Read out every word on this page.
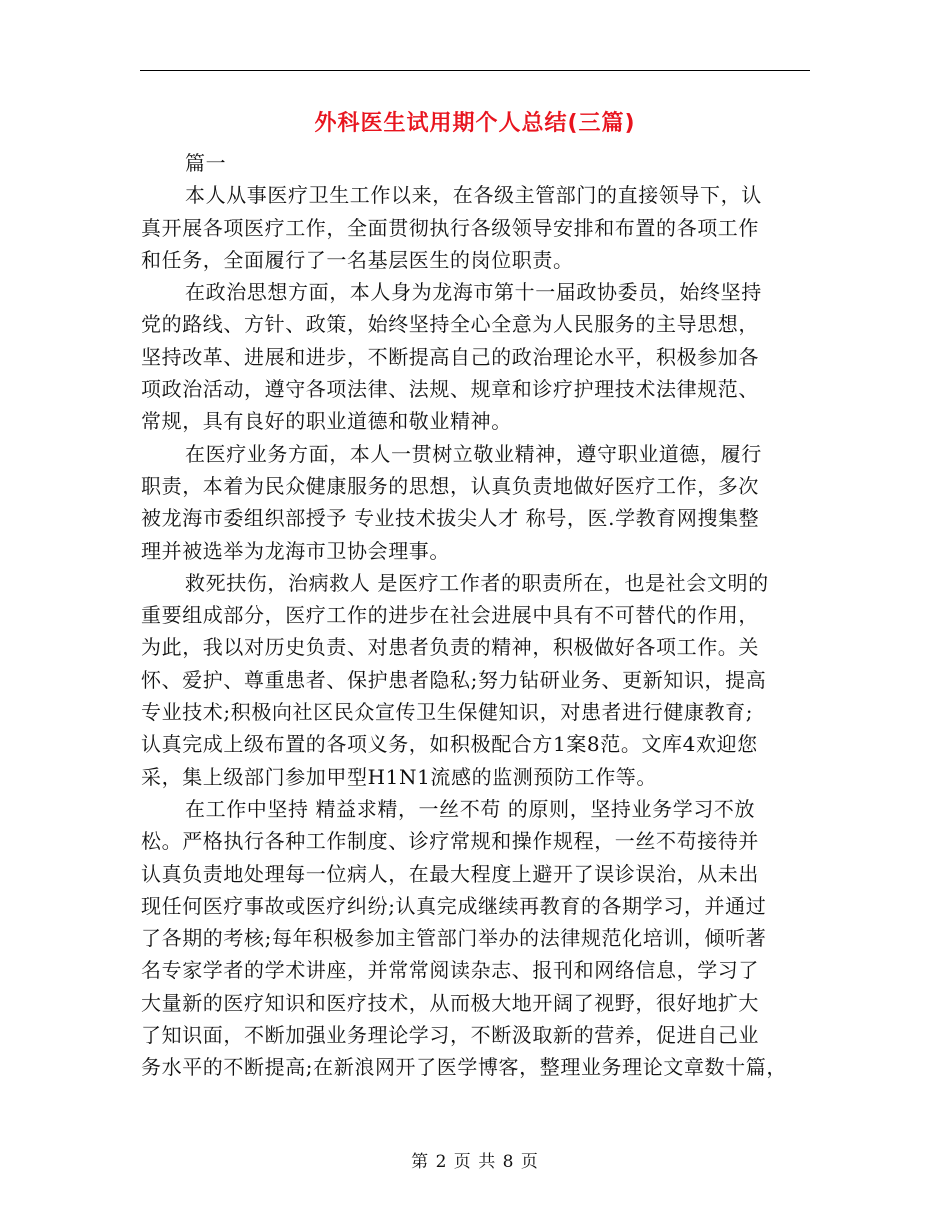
外科医生试用期个人总结(三篇)
篇一
本人从事医疗卫生工作以来，在各级主管部门的直接领导下，认
真开展各项医疗工作，全面贯彻执行各级领导安排和布置的各项工作
和任务，全面履行了一名基层医生的岗位职责。
在政治思想方面，本人身为龙海市第十一届政协委员，始终坚持
党的路线、方针、政策，始终坚持全心全意为人民服务的主导思想，
坚持改革、进展和进步，不断提高自己的政治理论水平，积极参加各
项政治活动，遵守各项法律、法规、规章和诊疗护理技术法律规范、
常规，具有良好的职业道德和敬业精神。
在医疗业务方面，本人一贯树立敬业精神，遵守职业道德，履行
职责，本着为民众健康服务的思想，认真负责地做好医疗工作，多次
被龙海市委组织部授予 专业技术拔尖人才 称号，医.学教育网搜集整
理并被选举为龙海市卫协会理事。
救死扶伤，治病救人 是医疗工作者的职责所在，也是社会文明的
重要组成部分，医疗工作的进步在社会进展中具有不可替代的作用，
为此，我以对历史负责、对患者负责的精神，积极做好各项工作。关
怀、爱护、尊重患者、保护患者隐私;努力钻研业务、更新知识，提高
专业技术;积极向社区民众宣传卫生保健知识，对患者进行健康教育;
认真完成上级布置的各项义务，如积极配合方1案8范。文库4欢迎您
采，集上级部门参加甲型H1N1流感的监测预防工作等。
在工作中坚持 精益求精，一丝不苟 的原则，坚持业务学习不放
松。严格执行各种工作制度、诊疗常规和操作规程，一丝不苟接待并
认真负责地处理每一位病人，在最大程度上避开了误诊误治，从未出
现任何医疗事故或医疗纠纷;认真完成继续再教育的各期学习，并通过
了各期的考核;每年积极参加主管部门举办的法律规范化培训，倾听著
名专家学者的学术讲座，并常常阅读杂志、报刊和网络信息，学习了
大量新的医疗知识和医疗技术，从而极大地开阔了视野，很好地扩大
了知识面，不断加强业务理论学习，不断汲取新的营养，促进自己业
务水平的不断提高;在新浪网开了医学博客，整理业务理论文章数十篇，
第 2 页 共 8 页
